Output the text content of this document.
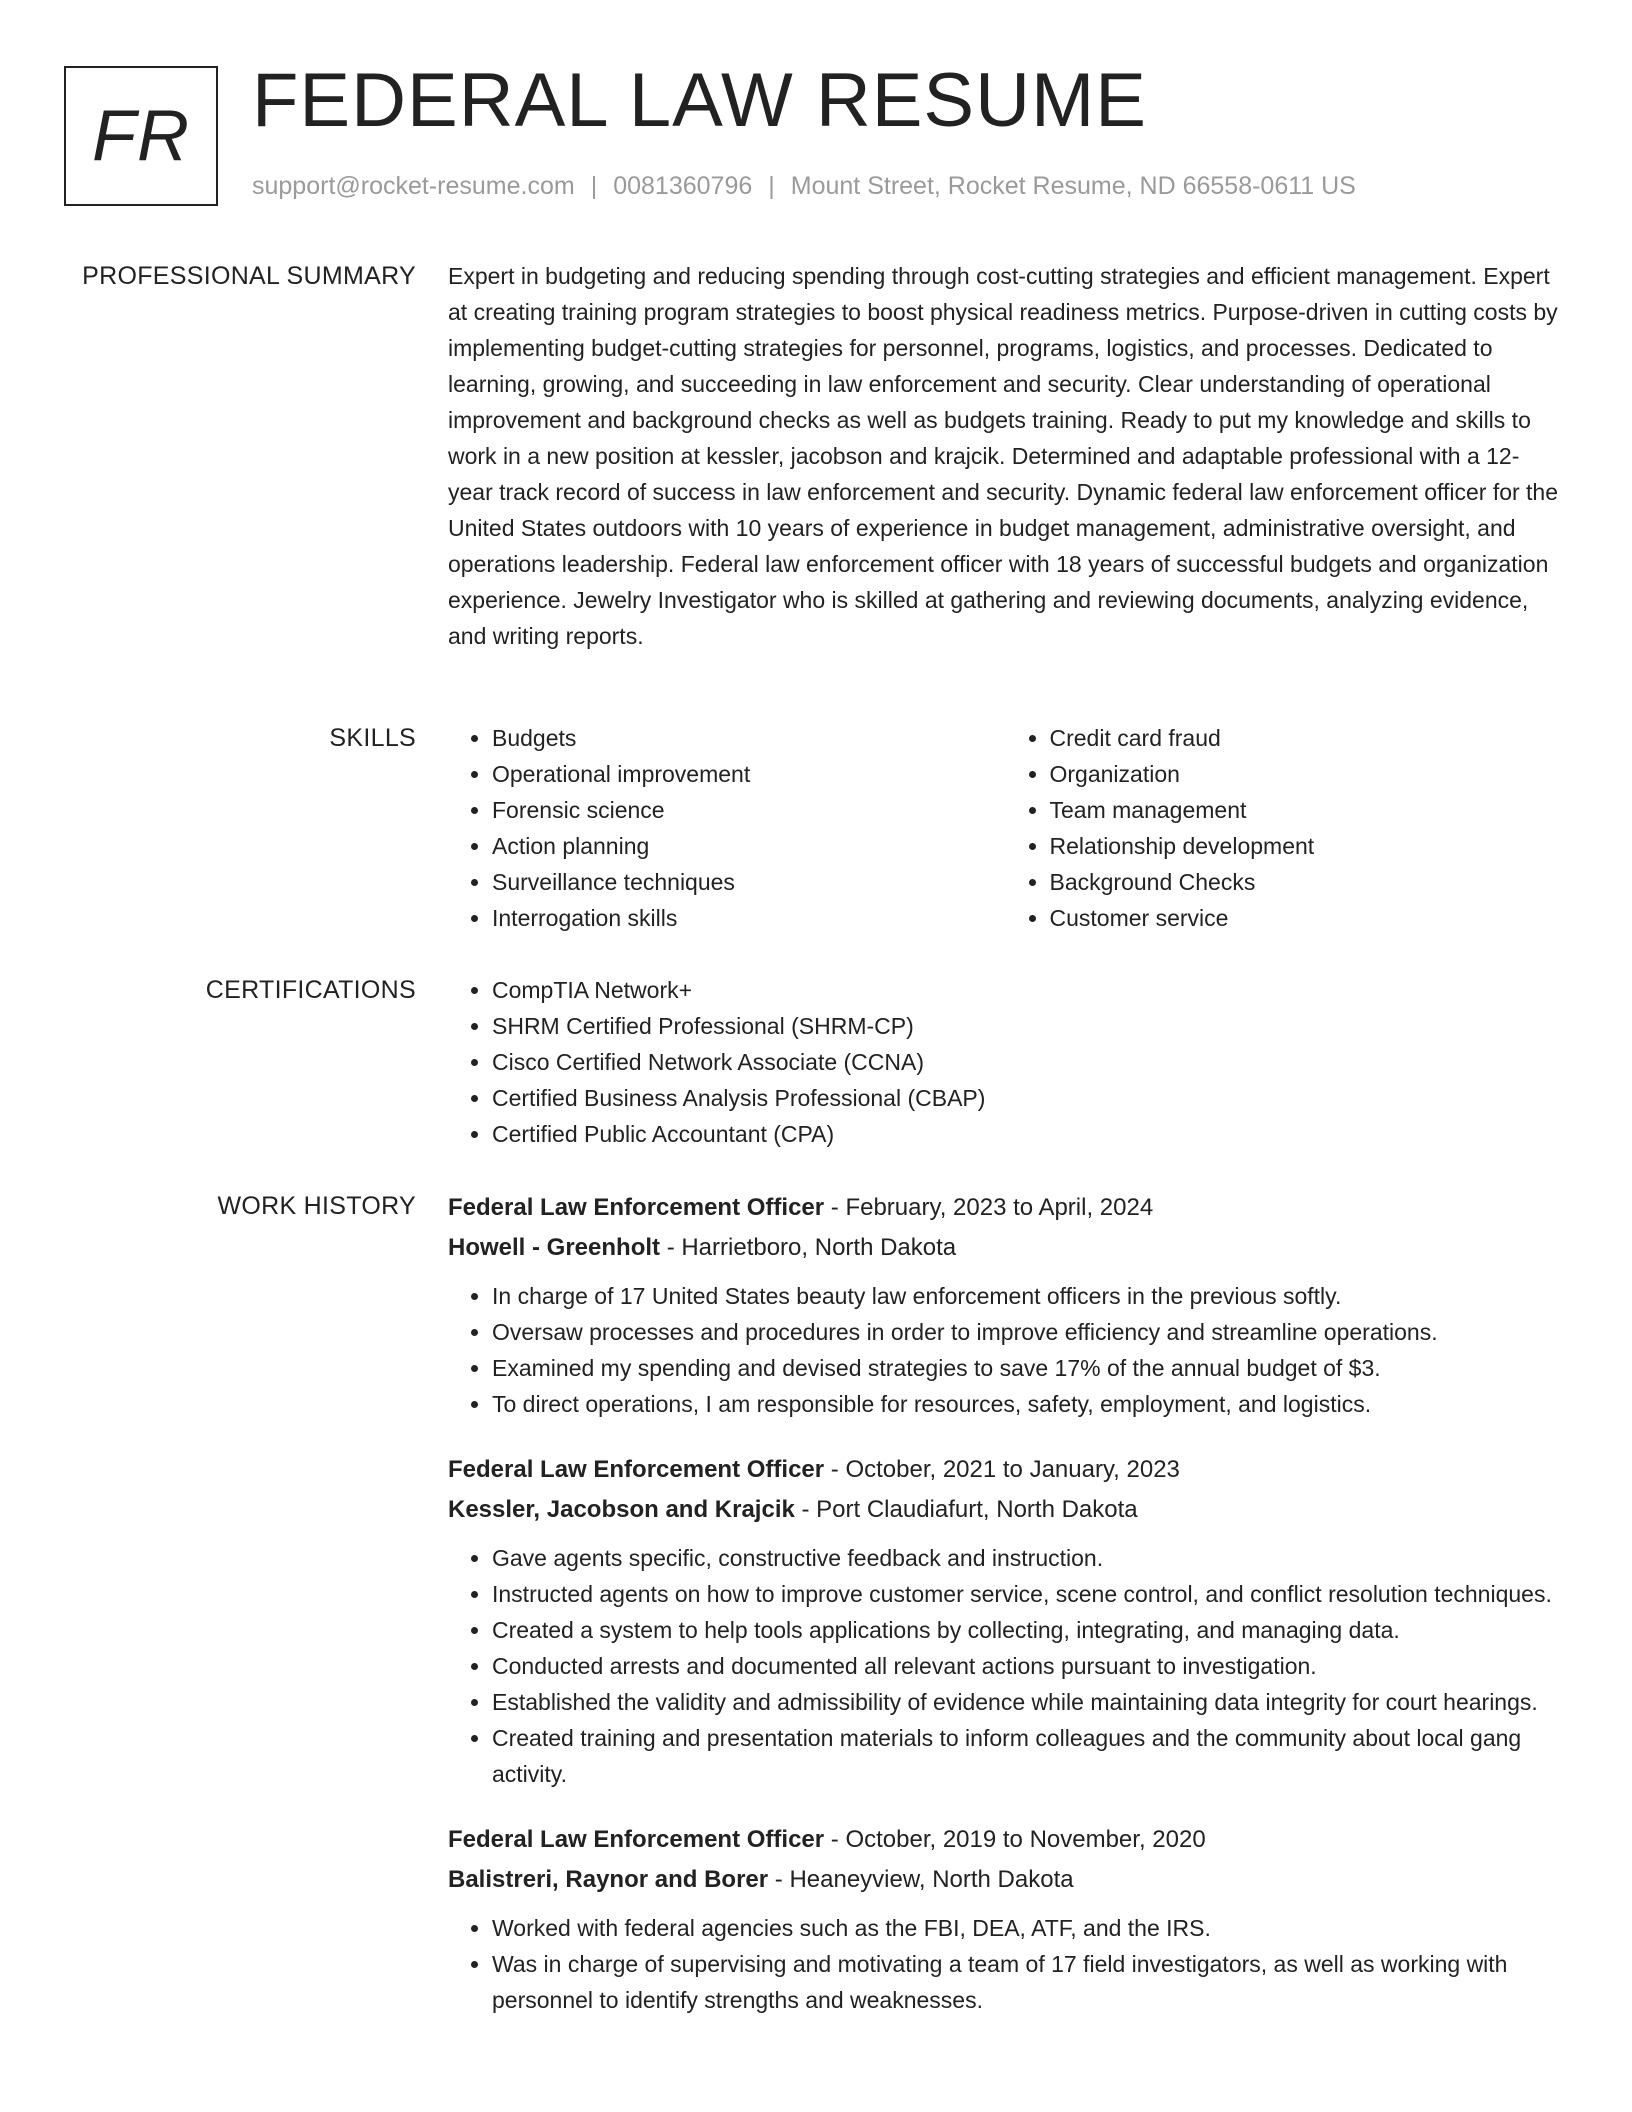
FR FEDERAL LAW RESUME
support@rocket-resume.com | 0081360796 | Mount Street, Rocket Resume, ND 66558-0611 US
PROFESSIONAL SUMMARY Expert in budgeting and reducing spending through cost-cutting strategies and efficient management. Expert at creating training program strategies to boost physical readiness metrics. Purpose-driven in cutting costs by implementing budget-cutting strategies for personnel, programs, logistics, and processes. Dedicated to learning, growing, and succeeding in law enforcement and security. Clear understanding of operational improvement and background checks as well as budgets training. Ready to put my knowledge and skills to work in a new position at kessler, jacobson and krajcik. Determined and adaptable professional with a 12-year track record of success in law enforcement and security. Dynamic federal law enforcement officer for the United States outdoors with 10 years of experience in budget management, administrative oversight, and operations leadership. Federal law enforcement officer with 18 years of successful budgets and organization experience. Jewelry Investigator who is skilled at gathering and reviewing documents, analyzing evidence, and writing reports.

SKILLS	• Budgets
• Operational improvement
• Forensic science
• Action planning
• Surveillance techniques
• Interrogation skills
• Credit card fraud
• Organization
• Team management
• Relationship development
• Background Checks
• Customer service
CERTIFICATIONS	• CompTIA Network+
• SHRM Certified Professional (SHRM-CP)
• Cisco Certified Network Associate (CCNA)
• Certified Business Analysis Professional (CBAP)
• Certified Public Accountant (CPA)
WORK HISTORY Federal Law Enforcement Officer - February, 2023 to April, 2024
Howell - Greenholt - Harrietboro, North Dakota
• In charge of 17 United States beauty law enforcement officers in the previous softly.
• Oversaw processes and procedures in order to improve efficiency and streamline operations.
• Examined my spending and devised strategies to save 17% of the annual budget of $3.
• To direct operations, I am responsible for resources, safety, employment, and logistics.
Federal Law Enforcement Officer - October, 2021 to January, 2023
Kessler, Jacobson and Krajcik - Port Claudiafurt, North Dakota
• Gave agents specific, constructive feedback and instruction.
• Instructed agents on how to improve customer service, scene control, and conflict resolution techniques.
• Created a system to help tools applications by collecting, integrating, and managing data.
• Conducted arrests and documented all relevant actions pursuant to investigation.
• Established the validity and admissibility of evidence while maintaining data integrity for court hearings.
• Created training and presentation materials to inform colleagues and the community about local gang activity.
Federal Law Enforcement Officer - October, 2019 to November, 2020
Balistreri, Raynor and Borer - Heaneyview, North Dakota
• Worked with federal agencies such as the FBI, DEA, ATF, and the IRS.
• Was in charge of supervising and motivating a team of 17 field investigators, as well as working with personnel to identify strengths and weaknesses.
